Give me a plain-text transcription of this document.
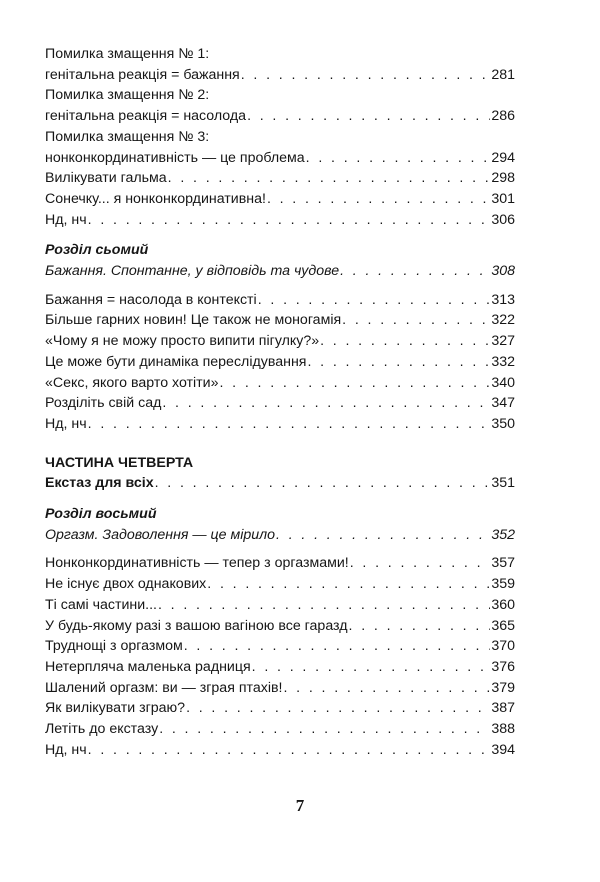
Помилка змащення № 1:
генітальна реакція = бажання . . .	281
Помилка змащення № 2:
генітальна реакція = насолода . . .	286
Помилка змащення № 3:
нонконкординативність — це проблема . . .	294
Вилікувати гальма . . .	298
Сонечку... я нонконкординативна! . . .	301
Нд, нч . . .	306
Розділ сьомий
Бажання. Спонтанне, у відповідь та чудове . . .	308
Бажання = насолода в контексті . . .	313
Більше гарних новин! Це також не моногамія . . .	322
«Чому я не можу просто випити пігулку?» . . .	327
Це може бути динаміка переслідування . . .	332
«Секс, якого варто хотіти» . . .	340
Розділіть свій сад . . .	347
Нд, нч . . .	350
ЧАСТИНА ЧЕТВЕРТА
Екстаз для всіх . . .	351
Розділ восьмий
Оргазм. Задоволення — це мірило . . .	352
Нонконкординативність — тепер з оргазмами! . . .	357
Не існує двох однакових . . .	359
Ті самі частини... . . .	360
У будь-якому разі з вашою вагіною все гаразд . . .	365
Труднощі з оргазмом . . .	370
Нетерпляча маленька радниця . . .	376
Шалений оргазм: ви — зграя птахів! . . .	379
Як вилікувати зграю? . . .	387
Летіть до екстазу . . .	388
Нд, нч . . .	394
7
